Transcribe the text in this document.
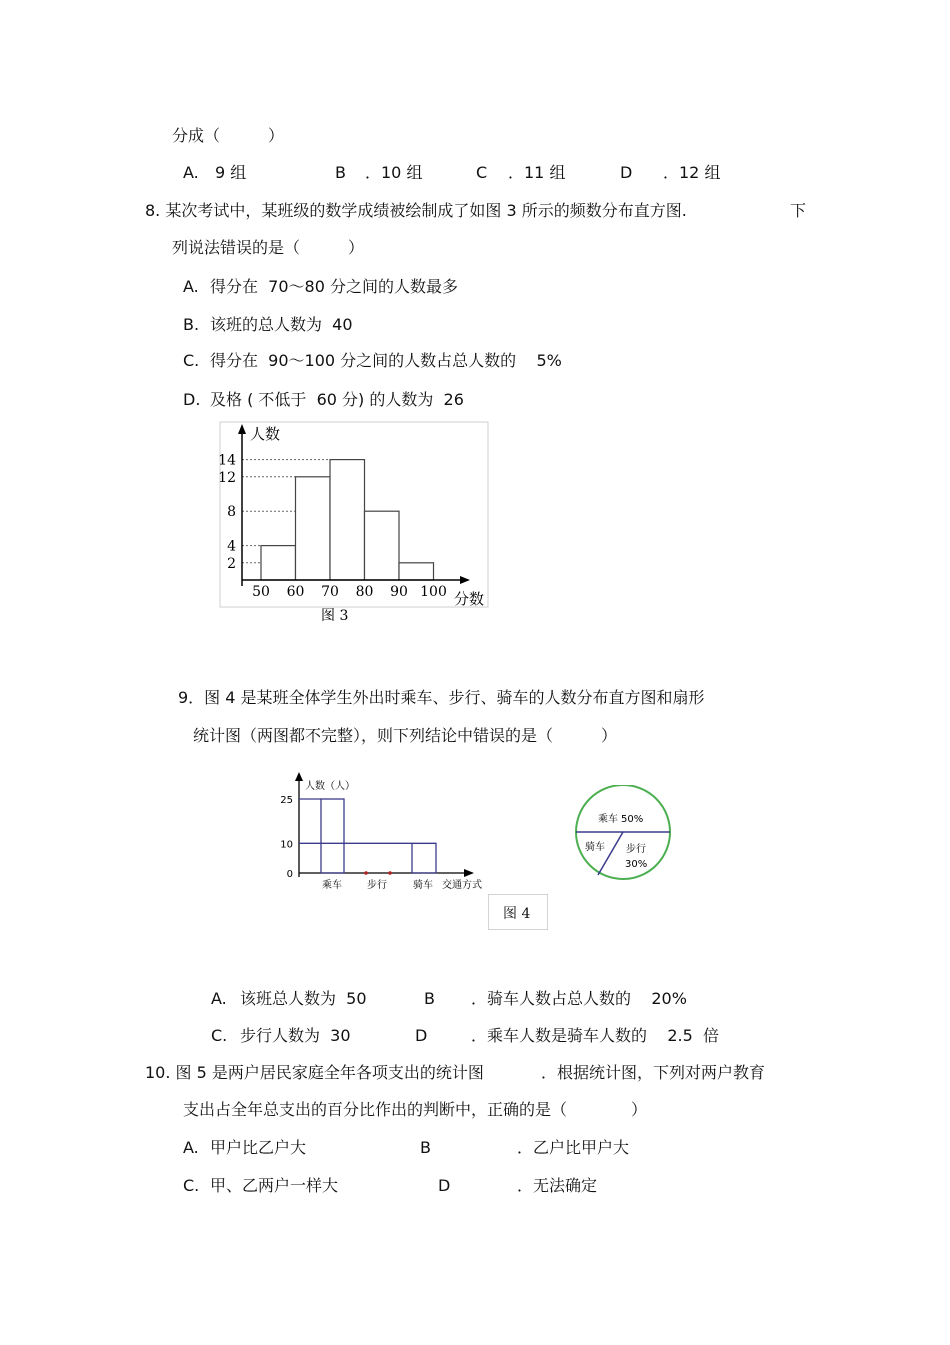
分成（　　　）
A. 9 组	B ．10 组	C ．11 组	D ．12 组
8. 某次考试中，某班级的数学成绩被绘制成了如图 3 所示的频数分布直方图.	下
列说法错误的是（　　　）
A. 得分在  70～80 分之间的人数最多
B. 该班的总人数为  40
C. 得分在  90～100 分之间的人数占总人数的    5%
D. 及格 ( 不低于  60 分) 的人数为  26
人数
分数
50 60 70 80 90 100
2
4
8
12
14
图 3
9．图 4 是某班全体学生外出时乘车、步行、骑车的人数分布直方图和扇形
统计图（两图都不完整），则下列结论中错误的是（　　　）
人数（人）
交通方式
0
10
25
乘车	步行	骑车
图 4
乘车 50%
骑车 步行
30%
A. 该班总人数为  50	B ．骑车人数占总人数的    20%
C. 步行人数为  30	D	．乘车人数是骑车人数的    2.5  倍
10. 图 5 是两户居民家庭全年各项支出的统计图	．根据统计图，下列对两户教育
支出占全年总支出的百分比作出的判断中，正确的是（　　　　）
A. 甲户比乙户大	B	．乙户比甲户大
C. 甲、乙两户一样大	D	．无法确定
